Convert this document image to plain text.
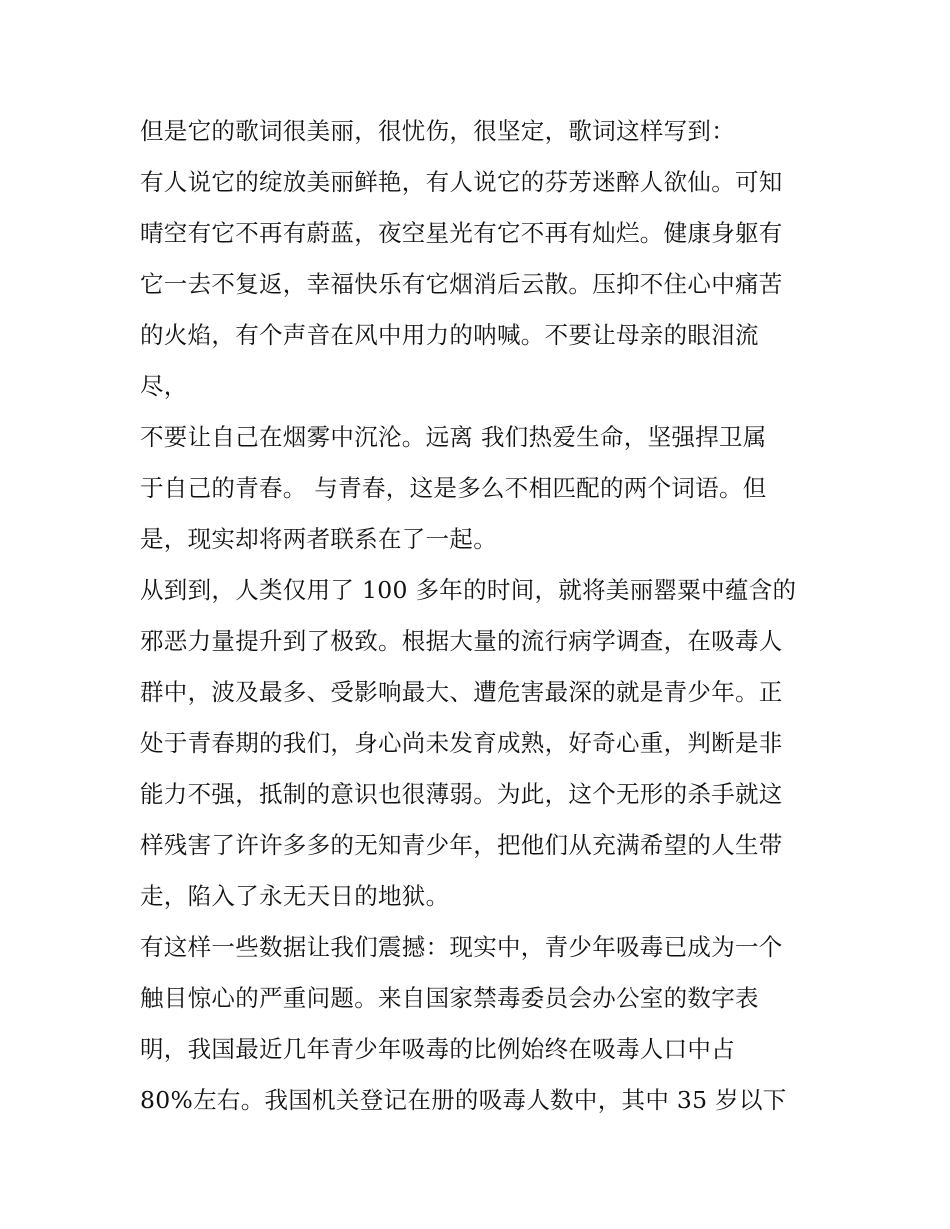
但是它的歌词很美丽，很忧伤，很坚定，歌词这样写到：
有人说它的绽放美丽鲜艳，有人说它的芬芳迷醉人欲仙。可知
晴空有它不再有蔚蓝，夜空星光有它不再有灿烂。健康身躯有
它一去不复返，幸福快乐有它烟消后云散。压抑不住心中痛苦
的火焰，有个声音在风中用力的呐喊。不要让母亲的眼泪流
尽，
不要让自己在烟雾中沉沦。远离 我们热爱生命，坚强捍卫属
于自己的青春。 与青春，这是多么不相匹配的两个词语。但
是，现实却将两者联系在了一起。
从到到，人类仅用了 100 多年的时间，就将美丽罂粟中蕴含的
邪恶力量提升到了极致。根据大量的流行病学调查，在吸毒人
群中，波及最多、受影响最大、遭危害最深的就是青少年。正
处于青春期的我们，身心尚未发育成熟，好奇心重，判断是非
能力不强，抵制的意识也很薄弱。为此，这个无形的杀手就这
样残害了许许多多的无知青少年，把他们从充满希望的人生带
走，陷入了永无天日的地狱。
有这样一些数据让我们震撼：现实中，青少年吸毒已成为一个
触目惊心的严重问题。来自国家禁毒委员会办公室的数字表
明，我国最近几年青少年吸毒的比例始终在吸毒人口中占
80%左右。我国机关登记在册的吸毒人数中，其中 35 岁以下
